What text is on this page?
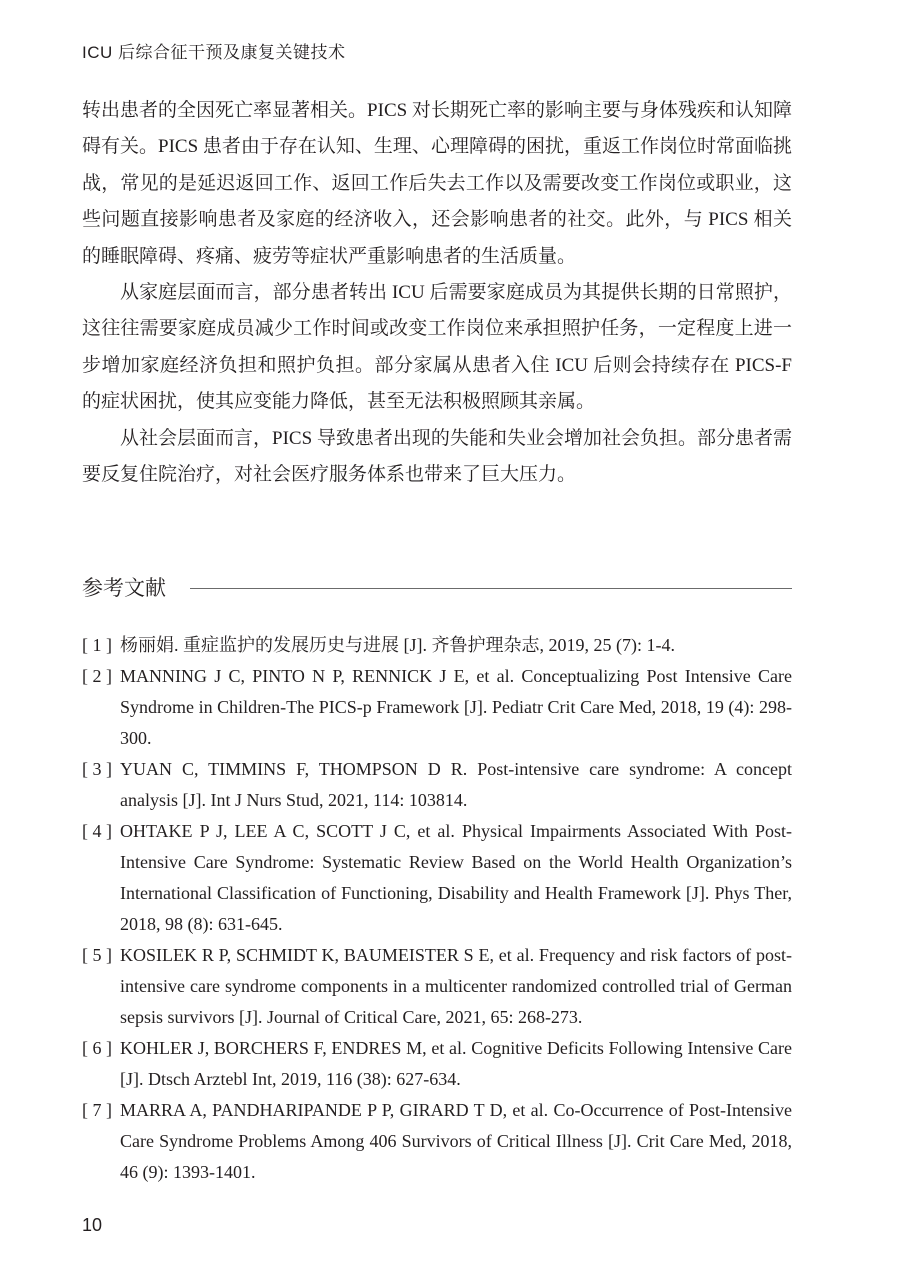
ICU 后综合征干预及康复关键技术

转出患者的全因死亡率显著相关。PICS 对长期死亡率的影响主要与身体残疾和认知障碍有关。PICS 患者由于存在认知、生理、心理障碍的困扰，重返工作岗位时常面临挑战，常见的是延迟返回工作、返回工作后失去工作以及需要改变工作岗位或职业，这些问题直接影响患者及家庭的经济收入，还会影响患者的社交。此外，与 PICS 相关的睡眠障碍、疼痛、疲劳等症状严重影响患者的生活质量。

从家庭层面而言，部分患者转出 ICU 后需要家庭成员为其提供长期的日常照护，这往往需要家庭成员减少工作时间或改变工作岗位来承担照护任务，一定程度上进一步增加家庭经济负担和照护负担。部分家属从患者入住 ICU 后则会持续存在 PICS-F 的症状困扰，使其应变能力降低，甚至无法积极照顾其亲属。

从社会层面而言，PICS 导致患者出现的失能和失业会增加社会负担。部分患者需要反复住院治疗，对社会医疗服务体系也带来了巨大压力。

参考文献
[ 1 ] 杨丽娟. 重症监护的发展历史与进展 [J]. 齐鲁护理杂志, 2019, 25 (7): 1-4.
[ 2 ] MANNING J C, PINTO N P, RENNICK J E, et al. Conceptualizing Post Intensive Care Syndrome in Children-The PICS-p Framework [J]. Pediatr Crit Care Med, 2018, 19 (4): 298-300.
[ 3 ] YUAN C, TIMMINS F, THOMPSON D R. Post-intensive care syndrome: A concept analysis [J]. Int J Nurs Stud, 2021, 114: 103814.
[ 4 ] OHTAKE P J, LEE A C, SCOTT J C, et al. Physical Impairments Associated With Post-Intensive Care Syndrome: Systematic Review Based on the World Health Organization’s International Classification of Functioning, Disability and Health Framework [J]. Phys Ther, 2018, 98 (8): 631-645.
[ 5 ] KOSILEK R P, SCHMIDT K, BAUMEISTER S E, et al. Frequency and risk factors of post-intensive care syndrome components in a multicenter randomized controlled trial of German sepsis survivors [J]. Journal of Critical Care, 2021, 65: 268-273.
[ 6 ] KOHLER J, BORCHERS F, ENDRES M, et al. Cognitive Deficits Following Intensive Care [J]. Dtsch Arztebl Int, 2019, 116 (38): 627-634.
[ 7 ] MARRA A, PANDHARIPANDE P P, GIRARD T D, et al. Co-Occurrence of Post-Intensive Care Syndrome Problems Among 406 Survivors of Critical Illness [J]. Crit Care Med, 2018, 46 (9): 1393-1401.
10
